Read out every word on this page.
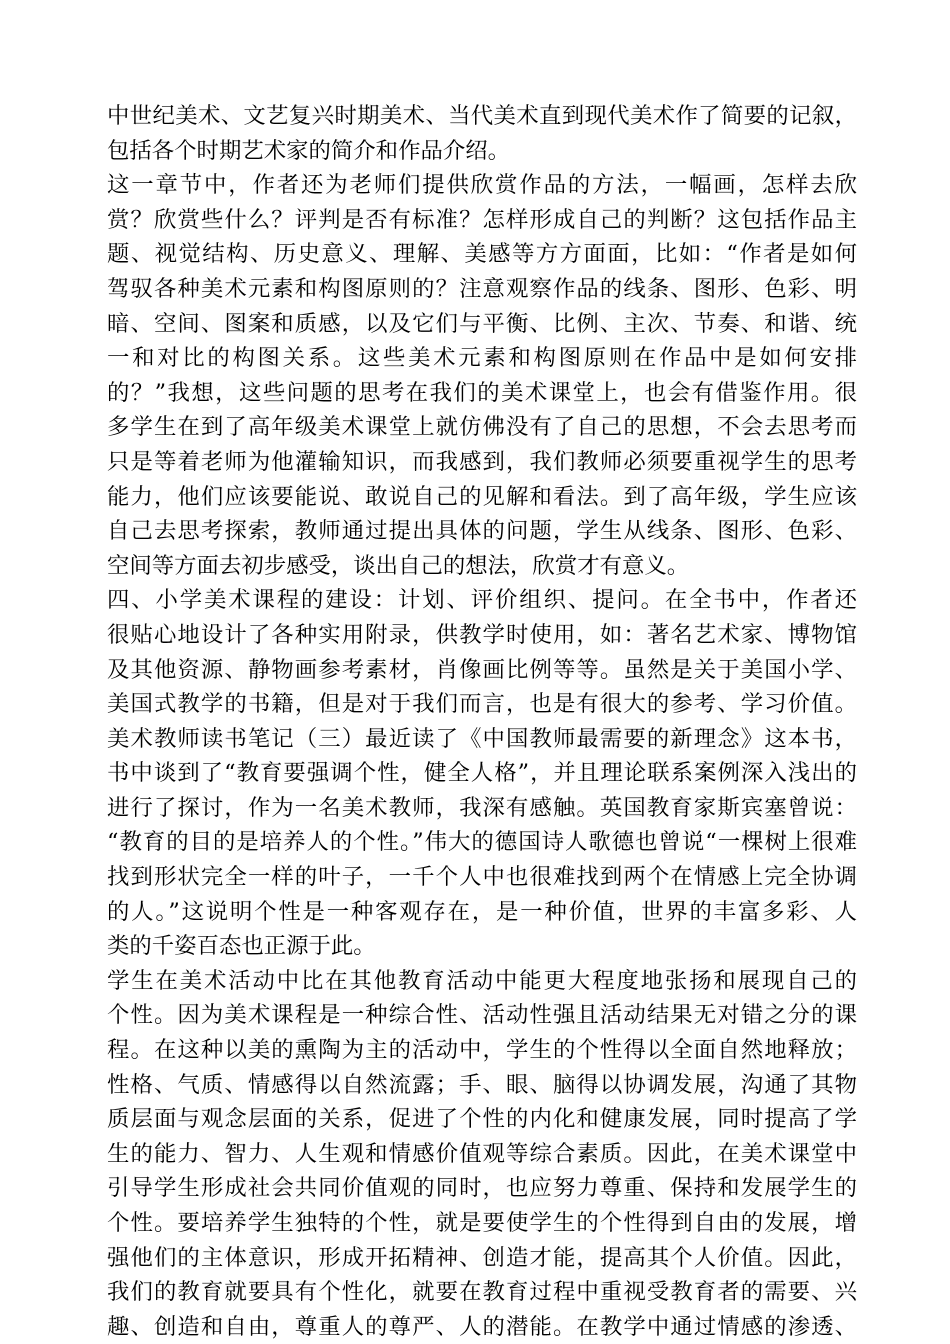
中世纪美术、文艺复兴时期美术、当代美术直到现代美术作了简要的记叙，
包括各个时期艺术家的简介和作品介绍。
这一章节中，作者还为老师们提供欣赏作品的方法，一幅画，怎样去欣
赏？欣赏些什么？评判是否有标准？怎样形成自己的判断？这包括作品主
题、视觉结构、历史意义、理解、美感等方方面面，比如：“作者是如何
驾驭各种美术元素和构图原则的？注意观察作品的线条、图形、色彩、明
暗、空间、图案和质感，以及它们与平衡、比例、主次、节奏、和谐、统
一和对比的构图关系。这些美术元素和构图原则在作品中是如何安排
的？”我想，这些问题的思考在我们的美术课堂上，也会有借鉴作用。很
多学生在到了高年级美术课堂上就仿佛没有了自己的思想，不会去思考而
只是等着老师为他灌输知识，而我感到，我们教师必须要重视学生的思考
能力，他们应该要能说、敢说自己的见解和看法。到了高年级，学生应该
自己去思考探索，教师通过提出具体的问题，学生从线条、图形、色彩、
空间等方面去初步感受，谈出自己的想法，欣赏才有意义。
四、小学美术课程的建设：计划、评价组织、提问。在全书中，作者还
很贴心地设计了各种实用附录，供教学时使用，如：著名艺术家、博物馆
及其他资源、静物画参考素材，肖像画比例等等。虽然是关于美国小学、
美国式教学的书籍，但是对于我们而言，也是有很大的参考、学习价值。
美术教师读书笔记（三）最近读了《中国教师最需要的新理念》这本书，
书中谈到了“教育要强调个性，健全人格”，并且理论联系案例深入浅出的
进行了探讨，作为一名美术教师，我深有感触。英国教育家斯宾塞曾说：
“教育的目的是培养人的个性。”伟大的德国诗人歌德也曾说“一棵树上很难
找到形状完全一样的叶子，一千个人中也很难找到两个在情感上完全协调
的人。”这说明个性是一种客观存在，是一种价值，世界的丰富多彩、人
类的千姿百态也正源于此。
学生在美术活动中比在其他教育活动中能更大程度地张扬和展现自己的
个性。因为美术课程是一种综合性、活动性强且活动结果无对错之分的课
程。在这种以美的熏陶为主的活动中，学生的个性得以全面自然地释放；
性格、气质、情感得以自然流露；手、眼、脑得以协调发展，沟通了其物
质层面与观念层面的关系，促进了个性的内化和健康发展，同时提高了学
生的能力、智力、人生观和情感价值观等综合素质。因此，在美术课堂中
引导学生形成社会共同价值观的同时，也应努力尊重、保持和发展学生的
个性。要培养学生独特的个性，就是要使学生的个性得到自由的发展，增
强他们的主体意识，形成开拓精神、创造才能，提高其个人价值。因此，
我们的教育就要具有个性化，就要在教育过程中重视受教育者的需要、兴
趣、创造和自由，尊重人的尊严、人的潜能。在教学中通过情感的渗透、
